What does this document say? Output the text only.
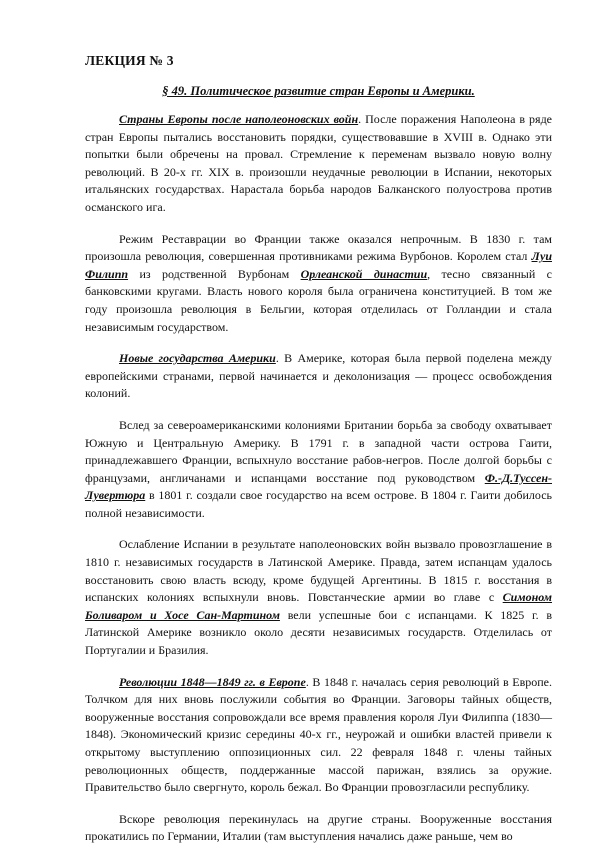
ЛЕКЦИЯ № 3
§ 49. Политическое развитие стран Европы и Америки.

Страны Европы после наполеоновских войн. После поражения Наполеона в ряде стран Европы пытались восстановить порядки, существовавшие в XVIII в. Однако эти попытки были обречены на провал. Стремление к переменам вызвало новую волну революций. В 20-х гг. XIX в. произошли неудачные революции в Испании, некоторых итальянских государствах. Нарастала борьба народов Балканского полуострова против османского ига.

Режим Реставрации во Франции также оказался непрочным. В 1830 г. там произошла революция, совершенная противниками режима Вурбонов. Королем стал Луи Филипп из родственной Вурбонам Орлеанской династии, тесно связанный с банковскими кругами. Власть нового короля была ограничена конституцией. В том же году произошла революция в Бельгии, которая отделилась от Голландии и стала независимым государством.

Новые государства Америки. В Америке, которая была первой поделена между европейскими странами, первой начинается и деколонизация — процесс освобождения колоний.

Вслед за североамериканскими колониями Британии борьба за свободу охватывает Южную и Центральную Америку. В 1791 г. в западной части острова Гаити, принадлежавшего Франции, вспыхнуло восстание рабов-негров. После долгой борьбы с французами, англичанами и испанцами восстание под руководством Ф.-Д.Туссен-Лувертюра в 1801 г. создали свое государство на всем острове. В 1804 г. Гаити добилось полной независимости.

Ослабление Испании в результате наполеоновских войн вызвало провозглашение в 1810 г. независимых государств в Латинской Америке. Правда, затем испанцам удалось восстановить свою власть всюду, кроме будущей Аргентины. В 1815 г. восстания в испанских колониях вспыхнули вновь. Повстанческие армии во главе с Симоном Боливаром и Хосе Сан-Мартином вели успешные бои с испанцами. К 1825 г. в Латинской Америке возникло около десяти независимых государств. Отделилась от Португалии и Бразилия.

Революции 1848—1849 гг. в Европе. В 1848 г. началась серия революций в Европе. Толчком для них вновь послужили события во Франции. Заговоры тайных обществ, вооруженные восстания сопровождали все время правления короля Луи Филиппа (1830— 1848). Экономический кризис середины 40-х гг., неурожай и ошибки властей привели к открытому выступлению оппозиционных сил. 22 февраля 1848 г. члены тайных революционных обществ, поддержанные массой парижан, взялись за оружие. Правительство было свергнуто, король бежал. Во Франции провозгласили республику.

Вскоре революция перекинулась на другие страны. Вооруженные восстания прокатились по Германии, Италии (там выступления начались даже раньше, чем во
